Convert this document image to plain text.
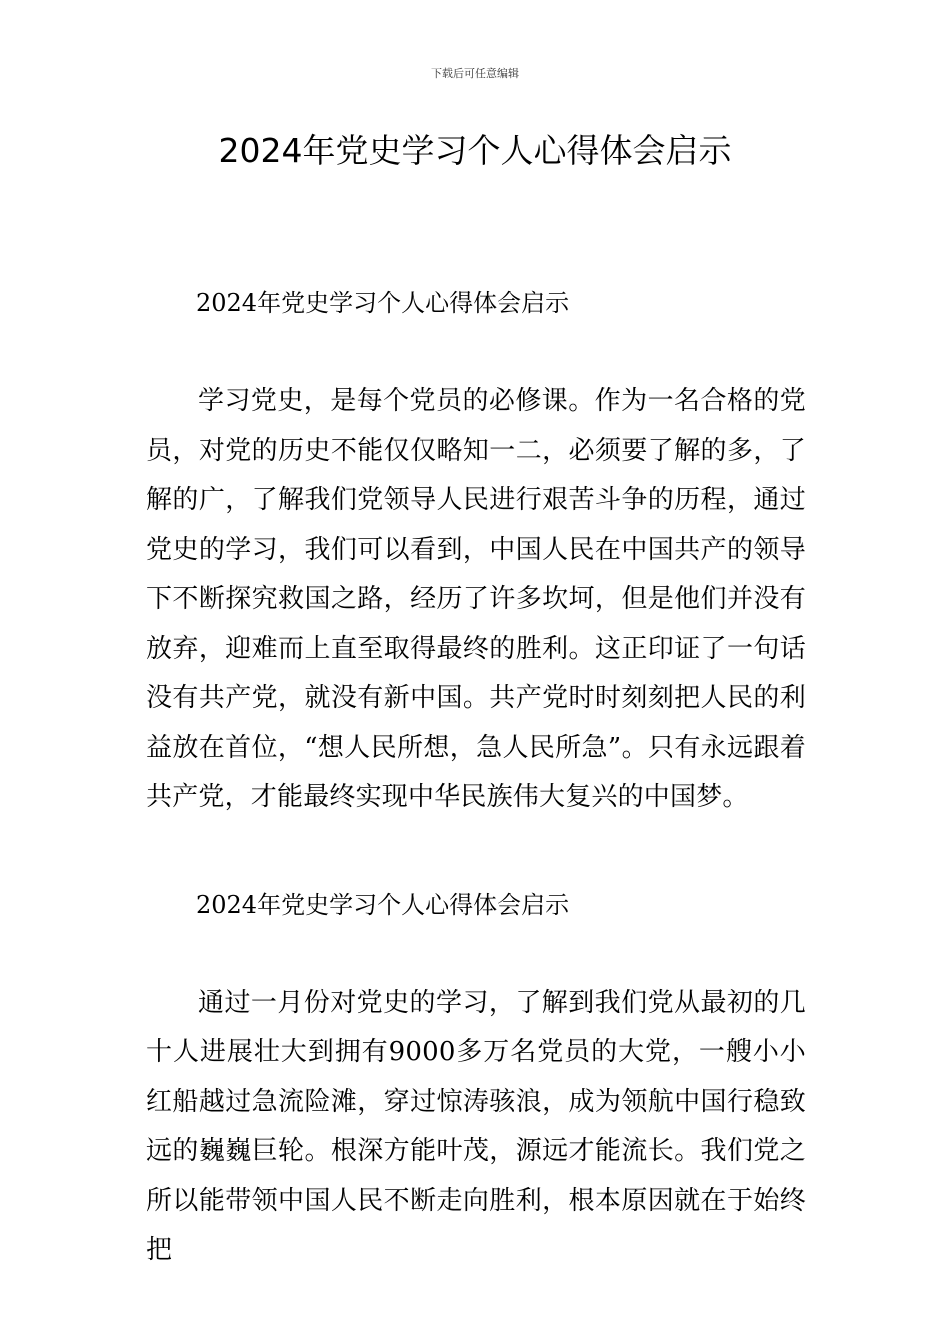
下载后可任意编辑
2024年党史学习个人心得体会启示

2024年党史学习个人心得体会启示

学习党史，是每个党员的必修课。作为一名合格的党员，对党的历史不能仅仅略知一二，必须要了解的多，了解的广，了解我们党领导人民进行艰苦斗争的历程，通过党史的学习，我们可以看到，中国人民在中国共产的领导下不断探究救国之路，经历了许多坎坷，但是他们并没有放弃，迎难而上直至取得最终的胜利。这正印证了一句话没有共产党，就没有新中国。共产党时时刻刻把人民的利益放在首位，“想人民所想，急人民所急”。只有永远跟着共产党，才能最终实现中华民族伟大复兴的中国梦。

2024年党史学习个人心得体会启示

通过一月份对党史的学习，了解到我们党从最初的几十人进展壮大到拥有9000多万名党员的大党，一艘小小红船越过急流险滩，穿过惊涛骇浪，成为领航中国行稳致远的巍巍巨轮。根深方能叶茂，源远才能流长。我们党之所以能带领中国人民不断走向胜利，根本原因就在于始终把
